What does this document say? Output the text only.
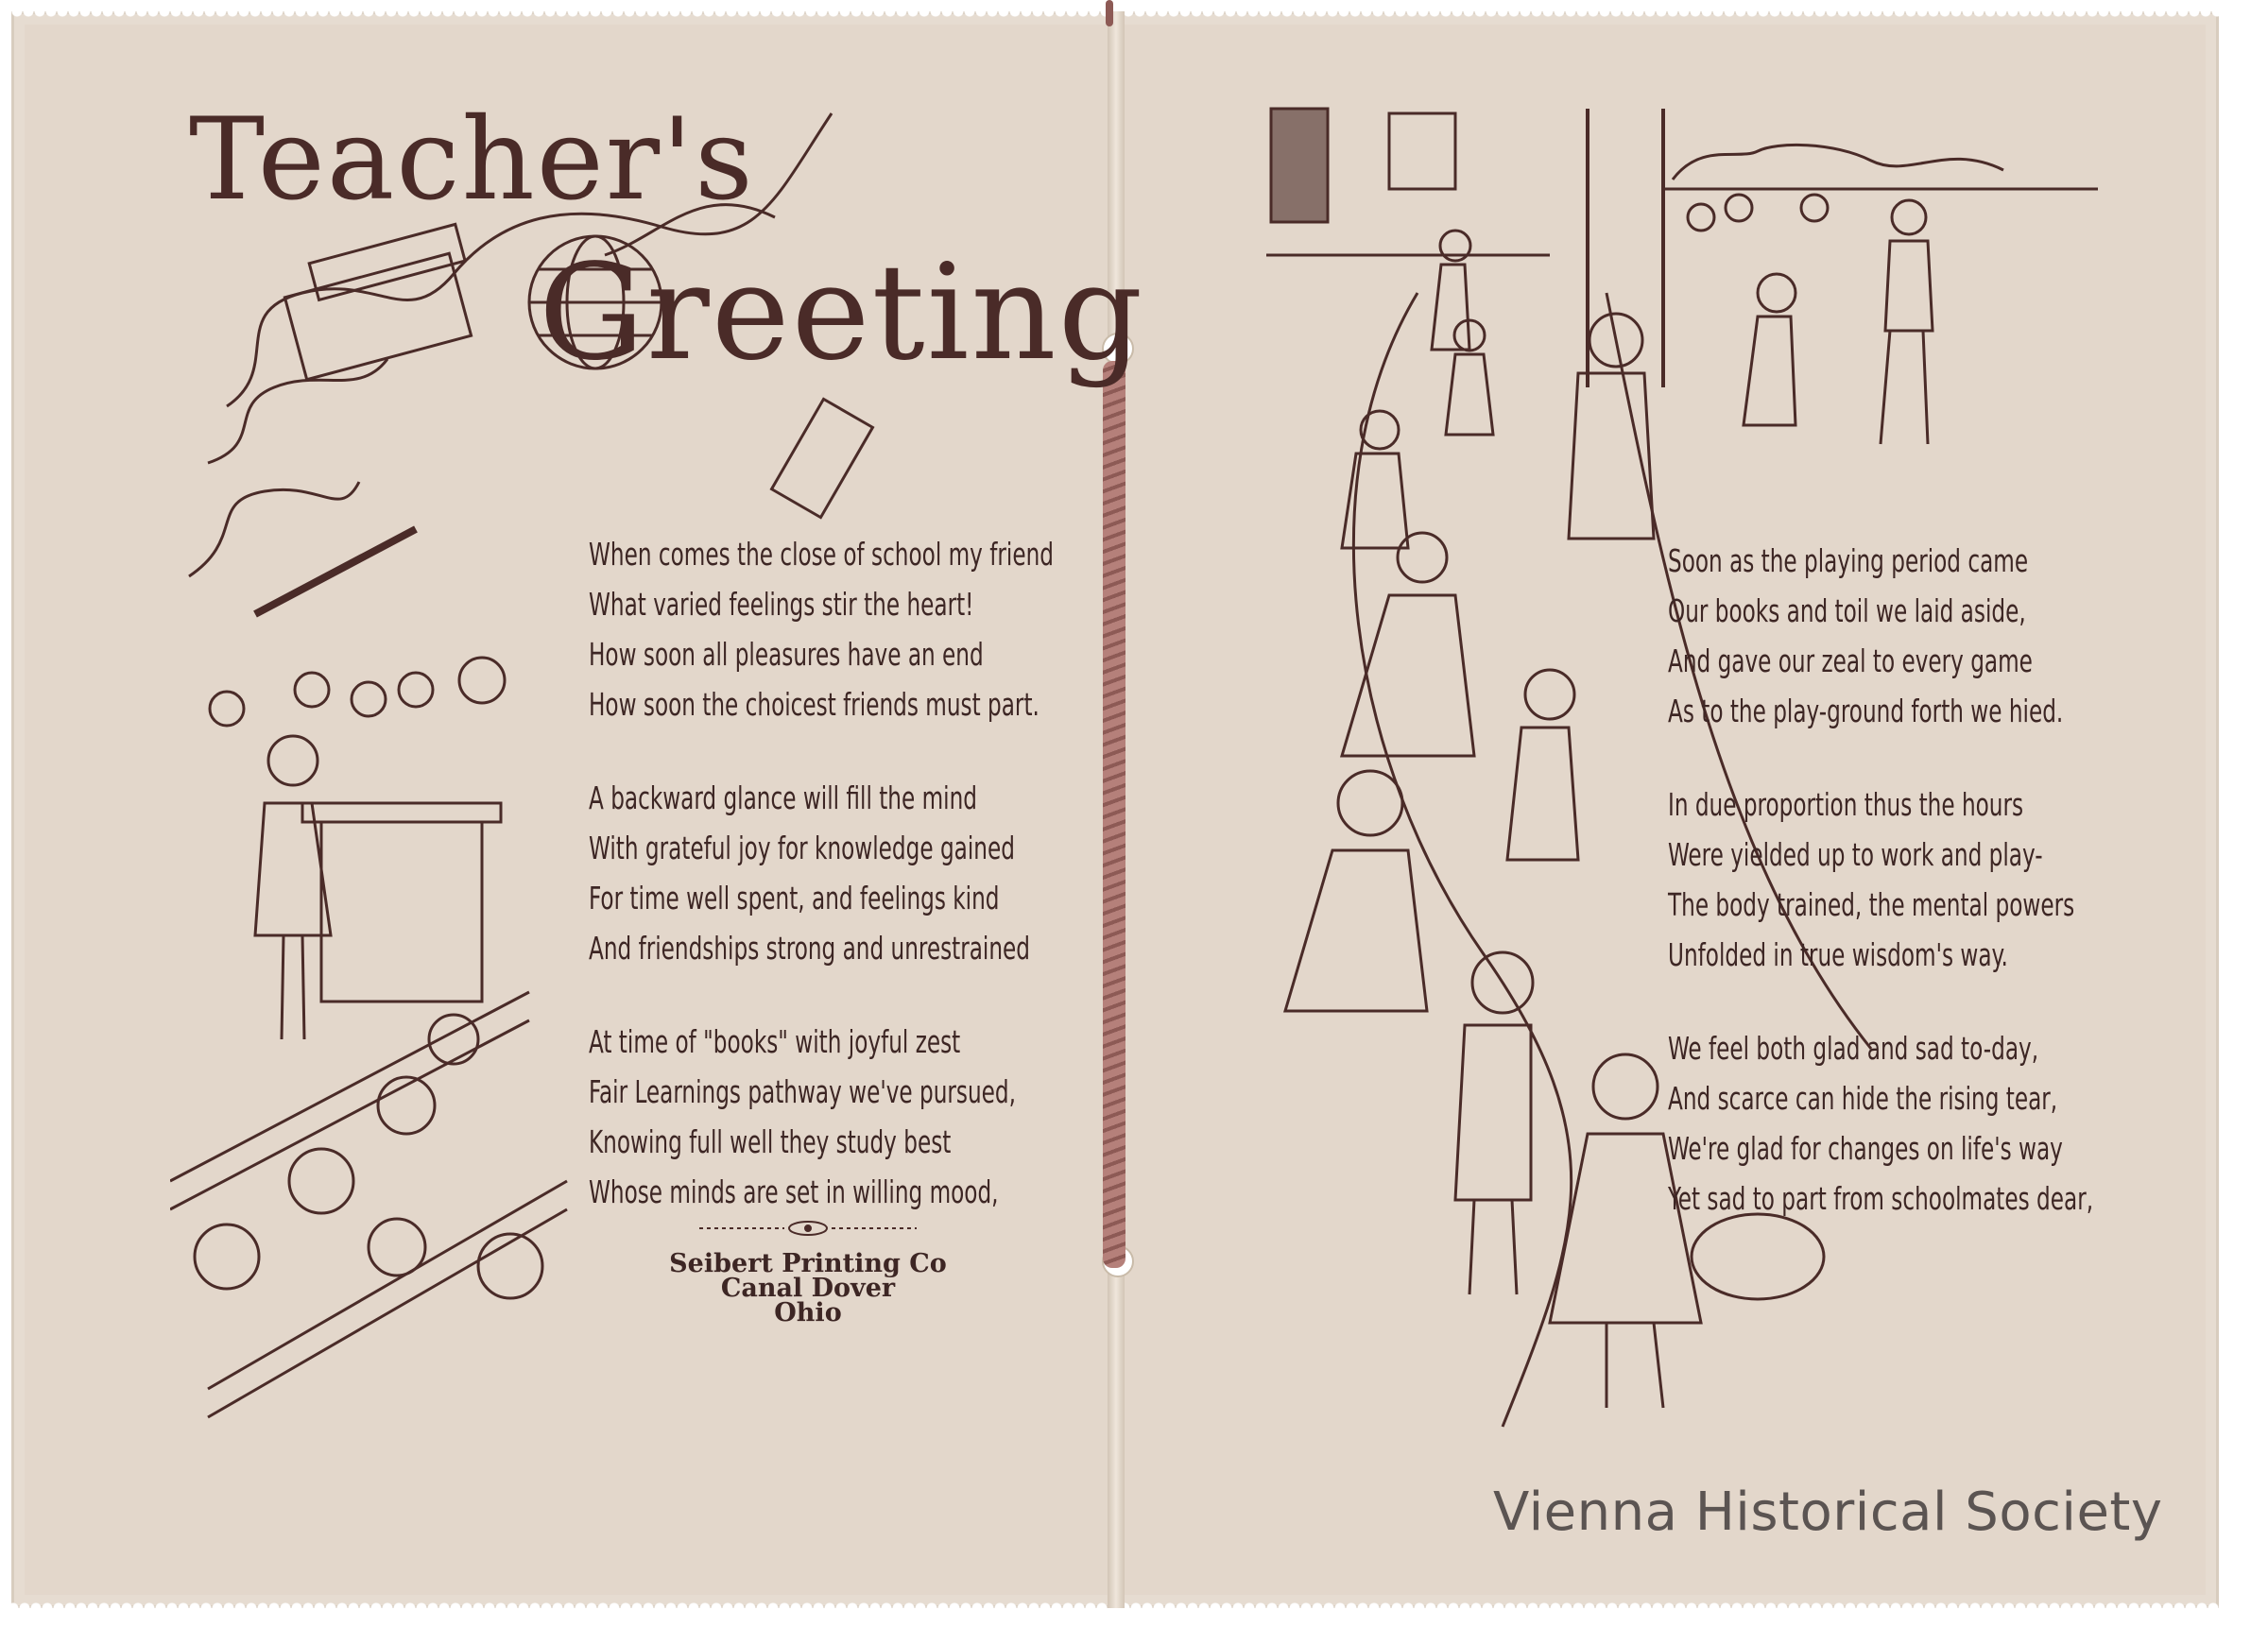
Teacher's
Greeting
When comes the close of school my friend
What varied feelings stir the heart!
How soon all pleasures have an end
How soon the choicest friends must part.
A backward glance will fill the mind
With grateful joy for knowledge gained
For time well spent, and feelings kind
And friendships strong and unrestrained
At time of "books" with joyful zest
Fair Learnings pathway we've pursued,
Knowing full well they study best
Whose minds are set in willing mood,
Seibert Printing Co
Canal Dover
Ohio
Soon as the playing period came
Our books and toil we laid aside,
And gave our zeal to every game
As to the play-ground forth we hied.
In due proportion thus the hours
Were yielded up to work and play-
The body trained, the mental powers
Unfolded in true wisdom's way.
We feel both glad and sad to-day,
And scarce can hide the rising tear,
We're glad for changes on life's way
Yet sad to part from schoolmates dear,
Vienna Historical Society
